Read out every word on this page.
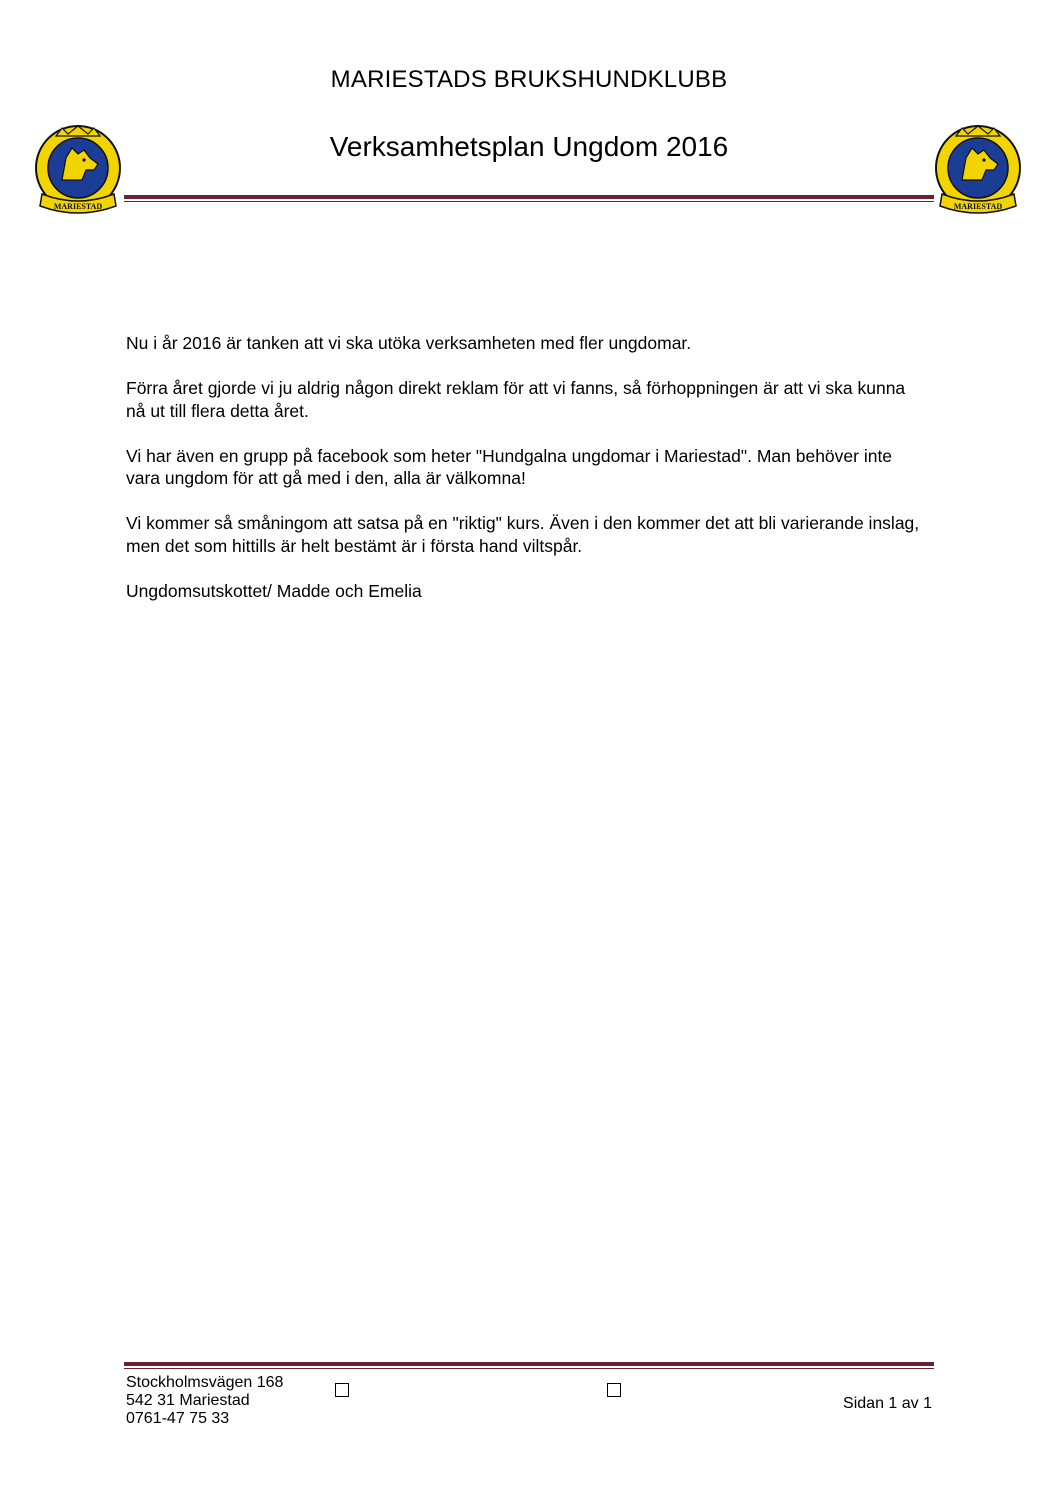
MARIESTADS BRUKSHUNDKLUBB
Verksamhetsplan Ungdom 2016
MARIESTAD	MARIESTAD

Nu i år 2016 är tanken att vi ska utöka verksamheten med fler ungdomar.

Förra året gjorde vi ju aldrig någon direkt reklam för att vi fanns, så förhoppningen är att vi ska kunna nå ut till flera detta året.

Vi har även en grupp på facebook som heter "Hundgalna ungdomar i Mariestad". Man behöver inte vara ungdom för att gå med i den, alla är välkomna!

Vi kommer så småningom att satsa på en "riktig" kurs. Även i den kommer det att bli varierande inslag, men det som hittills är helt bestämt är i första hand viltspår.

Ungdomsutskottet/ Madde och Emelia

Stockholmsvägen 168
542 31 Mariestad
0761-47 75 33
Sidan 1 av 1
